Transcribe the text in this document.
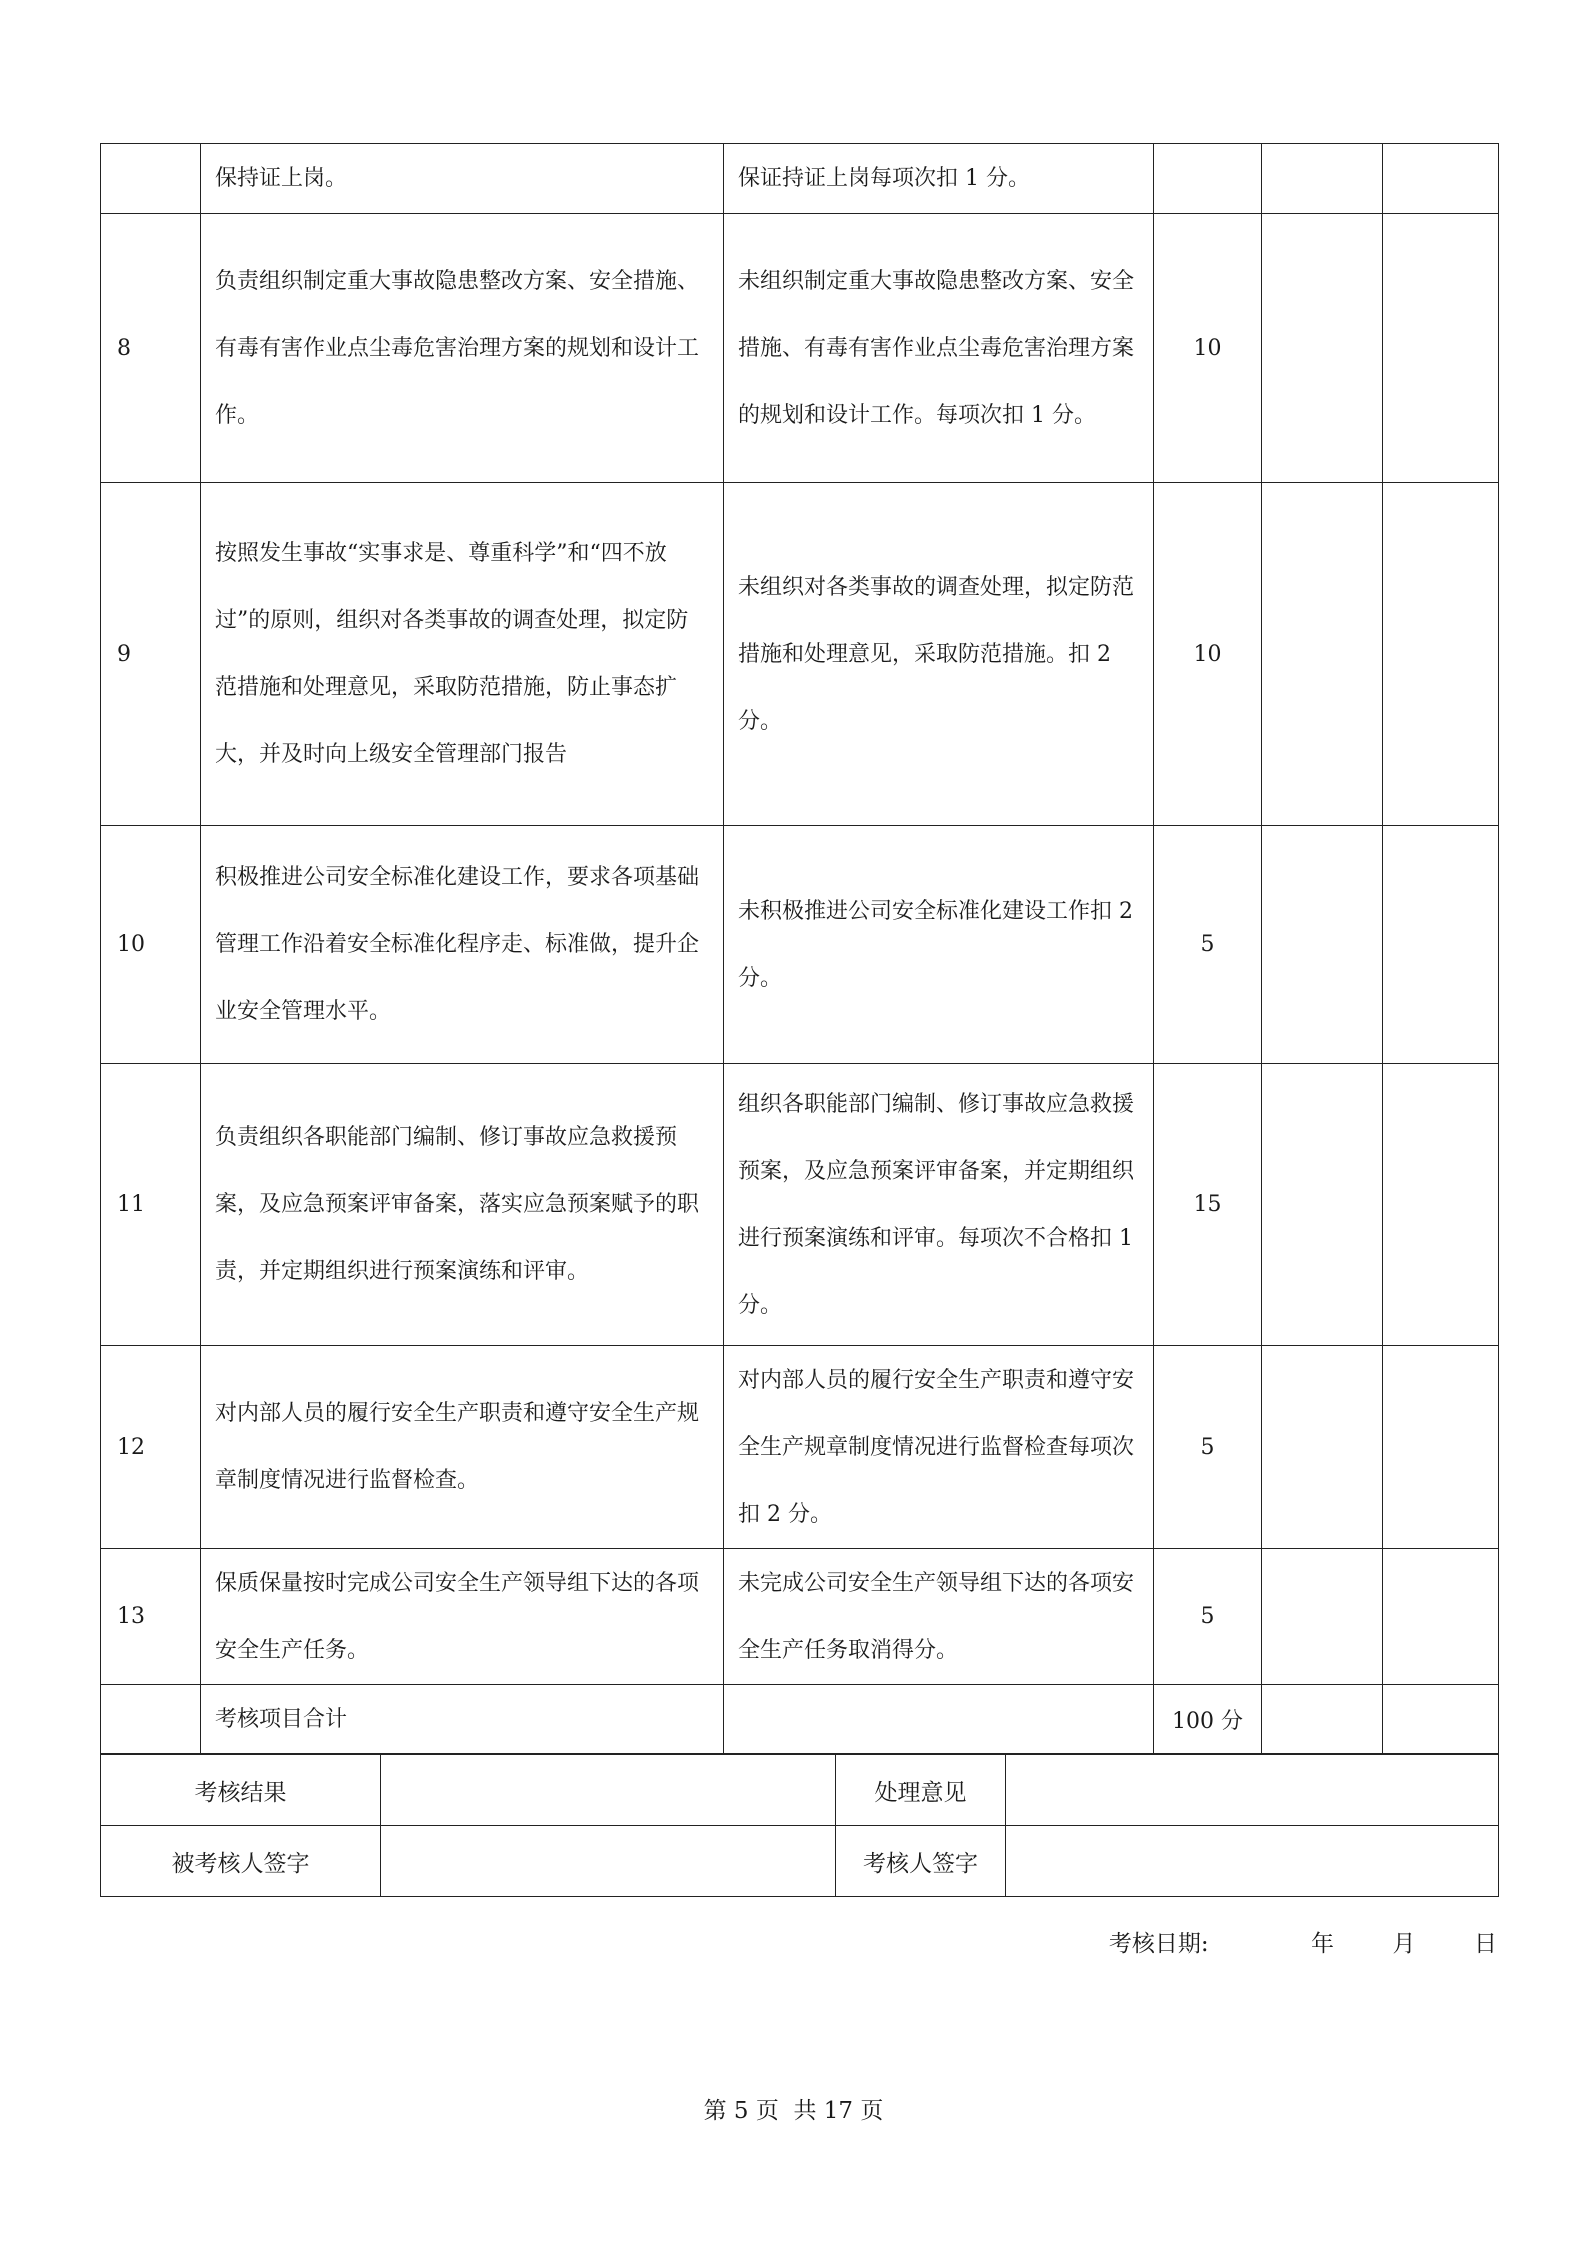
	保持证上岗。	保证持证上岗每项次扣 1 分。			
8	负责组织制定重大事故隐患整改方案、安全措施、有毒有害作业点尘毒危害治理方案的规划和设计工作。	未组织制定重大事故隐患整改方案、安全措施、有毒有害作业点尘毒危害治理方案的规划和设计工作。每项次扣 1 分。	10		
9	按照发生事故“实事求是、尊重科学”和“四不放过”的原则，组织对各类事故的调查处理，拟定防范措施和处理意见，采取防范措施，防止事态扩大，并及时向上级安全管理部门报告	未组织对各类事故的调查处理，拟定防范措施和处理意见，采取防范措施。扣 2 分。	10		
10	积极推进公司安全标准化建设工作，要求各项基础管理工作沿着安全标准化程序走、标准做，提升企业安全管理水平。	未积极推进公司安全标准化建设工作扣 2 分。	5		
11	负责组织各职能部门编制、修订事故应急救援预案，及应急预案评审备案，落实应急预案赋予的职责，并定期组织进行预案演练和评审。	组织各职能部门编制、修订事故应急救援预案，及应急预案评审备案，并定期组织进行预案演练和评审。每项次不合格扣 1 分。	15		
12	对内部人员的履行安全生产职责和遵守安全生产规章制度情况进行监督检查。	对内部人员的履行安全生产职责和遵守安全生产规章制度情况进行监督检查每项次扣 2 分。	5		
13	保质保量按时完成公司安全生产领导组下达的各项安全生产任务。	未完成公司安全生产领导组下达的各项安全生产任务取消得分。	5		
	考核项目合计		100 分		
考核结果		处理意见	
被考核人签字		考核人签字	
考核日期:	年	月	日
第 5 页  共 17 页
